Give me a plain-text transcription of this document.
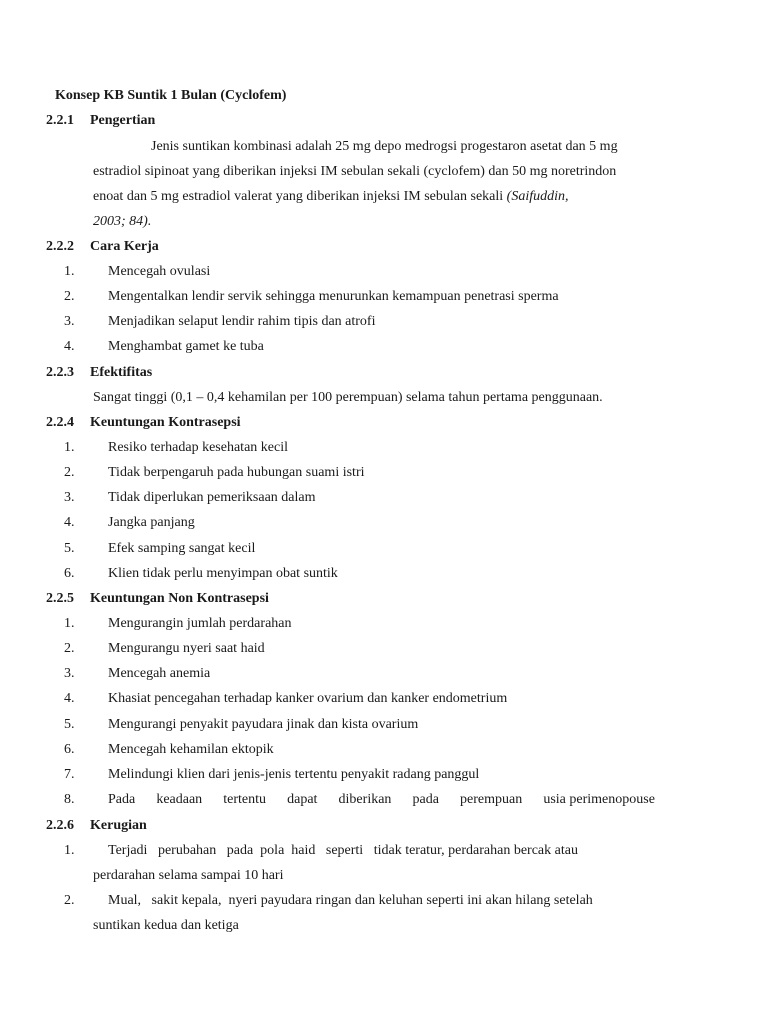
Konsep KB Suntik 1 Bulan (Cyclofem)
2.2.1 Pengertian
Jenis suntikan kombinasi adalah 25 mg depo medrogsi progestaron asetat dan 5 mg
estradiol sipinoat yang diberikan injeksi IM sebulan sekali (cyclofem) dan 50 mg noretrindon
enoat dan 5 mg estradiol valerat yang diberikan injeksi IM sebulan sekali (Saifuddin,
2003; 84).
2.2.2 Cara Kerja
1. Mencegah ovulasi
2. Mengentalkan lendir servik sehingga menurunkan kemampuan penetrasi sperma
3. Menjadikan selaput lendir rahim tipis dan atrofi
4. Menghambat gamet ke tuba
2.2.3 Efektifitas
Sangat tinggi (0,1 – 0,4 kehamilan per 100 perempuan) selama tahun pertama penggunaan.
2.2.4 Keuntungan Kontrasepsi
1. Resiko terhadap kesehatan kecil
2. Tidak berpengaruh pada hubungan suami istri
3. Tidak diperlukan pemeriksaan dalam
4. Jangka panjang
5. Efek samping sangat kecil
6. Klien tidak perlu menyimpan obat suntik
2.2.5 Keuntungan Non Kontrasepsi
1. Mengurangin jumlah perdarahan
2. Mengurangu nyeri saat haid
3. Mencegah anemia
4. Khasiat pencegahan terhadap kanker ovarium dan kanker endometrium
5. Mengurangi penyakit payudara jinak dan kista ovarium
6. Mencegah kehamilan ektopik
7. Melindungi klien dari jenis-jenis tertentu penyakit radang panggul
8. Pada keadaan tertentu dapat diberikan pada perempuan usia perimenopouse
2.2.6 Kerugian
1. Terjadi   perubahan   pada  pola  haid   seperti   tidak teratur, perdarahan bercak atau
perdarahan selama sampai 10 hari
2. Mual,   sakit kepala,  nyeri payudara ringan dan keluhan seperti ini akan hilang setelah
suntikan kedua dan ketiga
